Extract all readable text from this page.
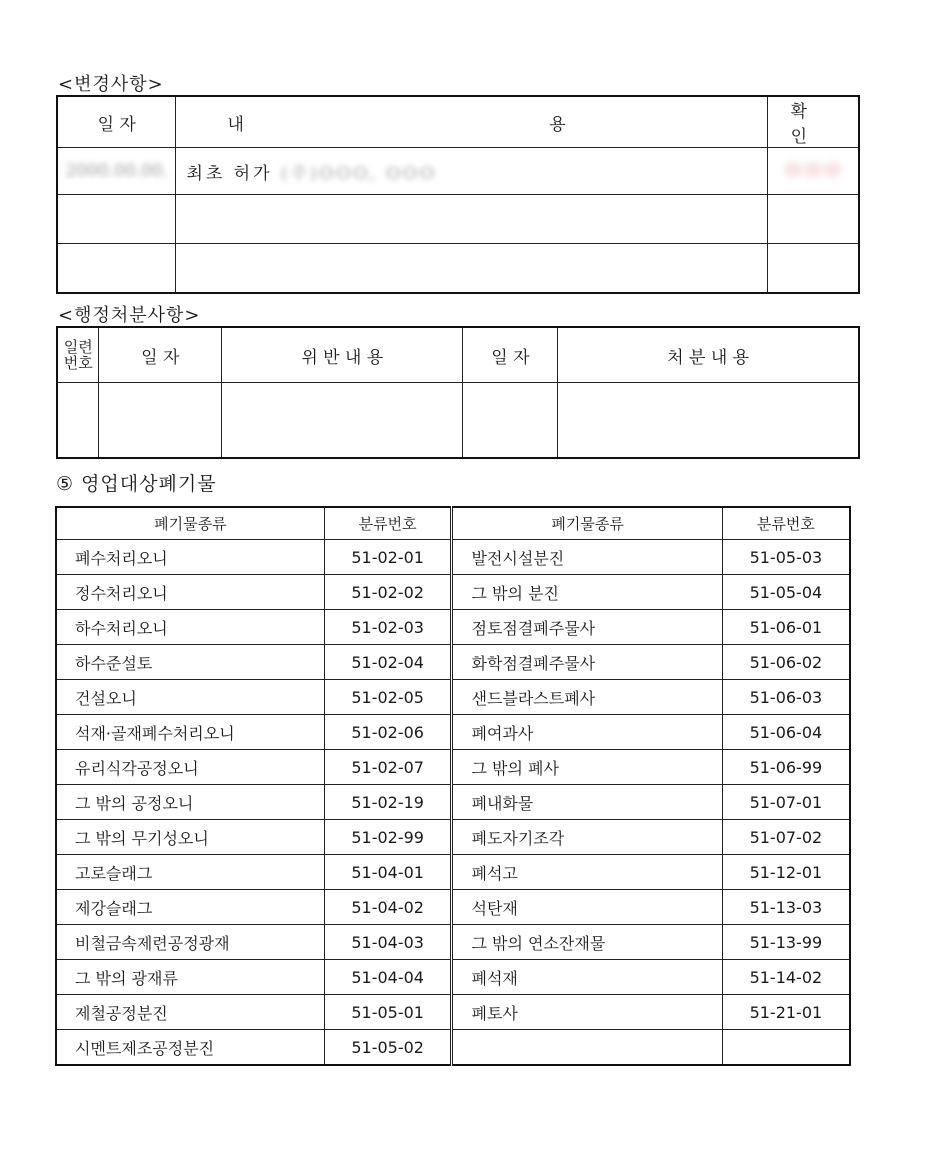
<변경사항>
일 자	내 용	확 인
2000.00.00.	최초 허가 (주)OOO, OOO	O O O

<행정처분사항>
일련
번호	일 자	위 반 내 용	일 자	처 분 내 용

⑤ 영업대상폐기물
폐기물종류	분류번호	폐기물종류	분류번호
폐수처리오니	51-02-01	발전시설분진	51-05-03
정수처리오니	51-02-02	그 밖의 분진	51-05-04
하수처리오니	51-02-03	점토점결폐주물사	51-06-01
하수준설토	51-02-04	화학점결폐주물사	51-06-02
건설오니	51-02-05	샌드블라스트폐사	51-06-03
석재·골재폐수처리오니	51-02-06	폐여과사	51-06-04
유리식각공정오니	51-02-07	그 밖의 폐사	51-06-99
그 밖의 공정오니	51-02-19	폐내화물	51-07-01
그 밖의 무기성오니	51-02-99	폐도자기조각	51-07-02
고로슬래그	51-04-01	폐석고	51-12-01
제강슬래그	51-04-02	석탄재	51-13-03
비철금속제련공정광재	51-04-03	그 밖의 연소잔재물	51-13-99
그 밖의 광재류	51-04-04	폐석재	51-14-02
제철공정분진	51-05-01	폐토사	51-21-01
시멘트제조공정분진	51-05-02		
